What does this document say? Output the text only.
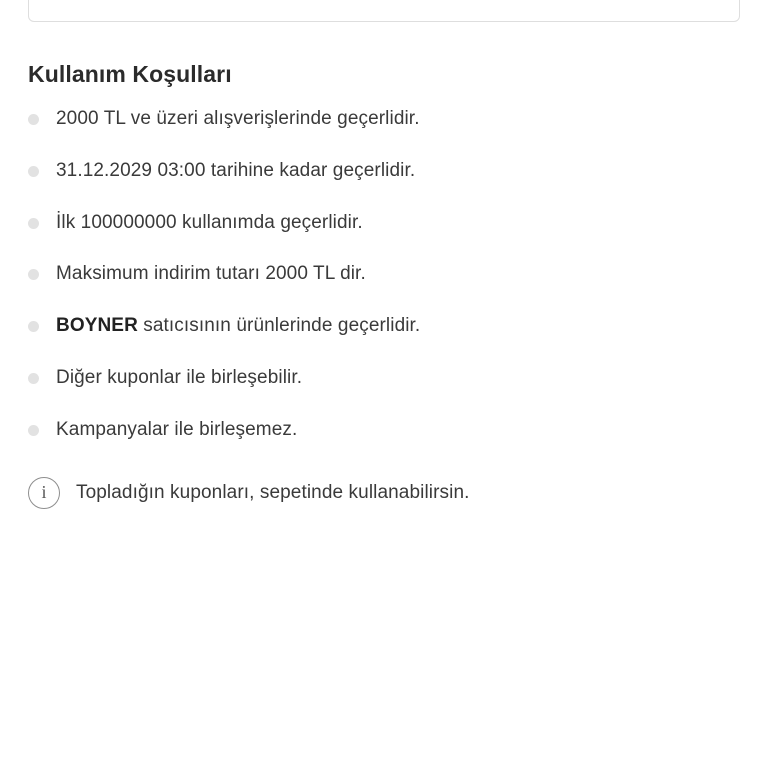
Kullanım Koşulları
2000 TL ve üzeri alışverişlerinde geçerlidir.
31.12.2029 03:00 tarihine kadar geçerlidir.
İlk 100000000 kullanımda geçerlidir.
Maksimum indirim tutarı 2000 TL dir.
BOYNER satıcısının ürünlerinde geçerlidir.
Diğer kuponlar ile birleşebilir.
Kampanyalar ile birleşemez.
i	Topladığın kuponları, sepetinde kullanabilirsin.
